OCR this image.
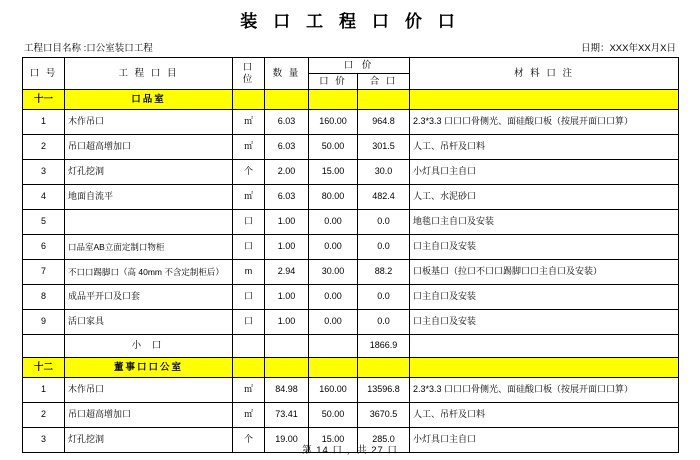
装 口 工 程 口 价 口
工程口目名称 :口公室装口工程	日期：XXX年XX月X日
口 号	工 程 口 目	口 位	数 量	口 价		材 料 口 注
				口 价	合 口	
十一	口品室					
1	木作吊口	㎡	6.03	160.00	964.8	2.3*3.3 口口口骨侧光、面硅酸口板（按展开面口口算）
2	吊口超高增加口	㎡	6.03	50.00	301.5	人工、吊杆及口料
3	灯孔挖洞	个	2.00	15.00	30.0	小灯具口主自口
4	地面自流平	㎡	6.03	80.00	482.4	人工、水泥砂口
5		口	1.00	0.00	0.0	地毯口主自口及安装
6	口品室AB立面定制口物柜	口	1.00	0.00	0.0	口主自口及安装
7	不口口踢脚口（高 40mm 不含定制柜后）	m	2.94	30.00	88.2	口板基口（拉口不口口踢脚口口主自口及安装）
8	成品平开口及口套	口	1.00	0.00	0.0	口主自口及安装
9	活口家具	口	1.00	0.00	0.0	口主自口及安装
	小 口				1866.9	
十二	董事口口公室					
1	木作吊口	㎡	84.98	160.00	13596.8	2.3*3.3 口口口骨侧光、面硅酸口板（按展开面口口算）
2	吊口超高增加口	㎡	73.41	50.00	3670.5	人工、吊杆及口料
3	灯孔挖洞	个	19.00	15.00	285.0	小灯具口主自口
第 14 口 ，共 27 口
